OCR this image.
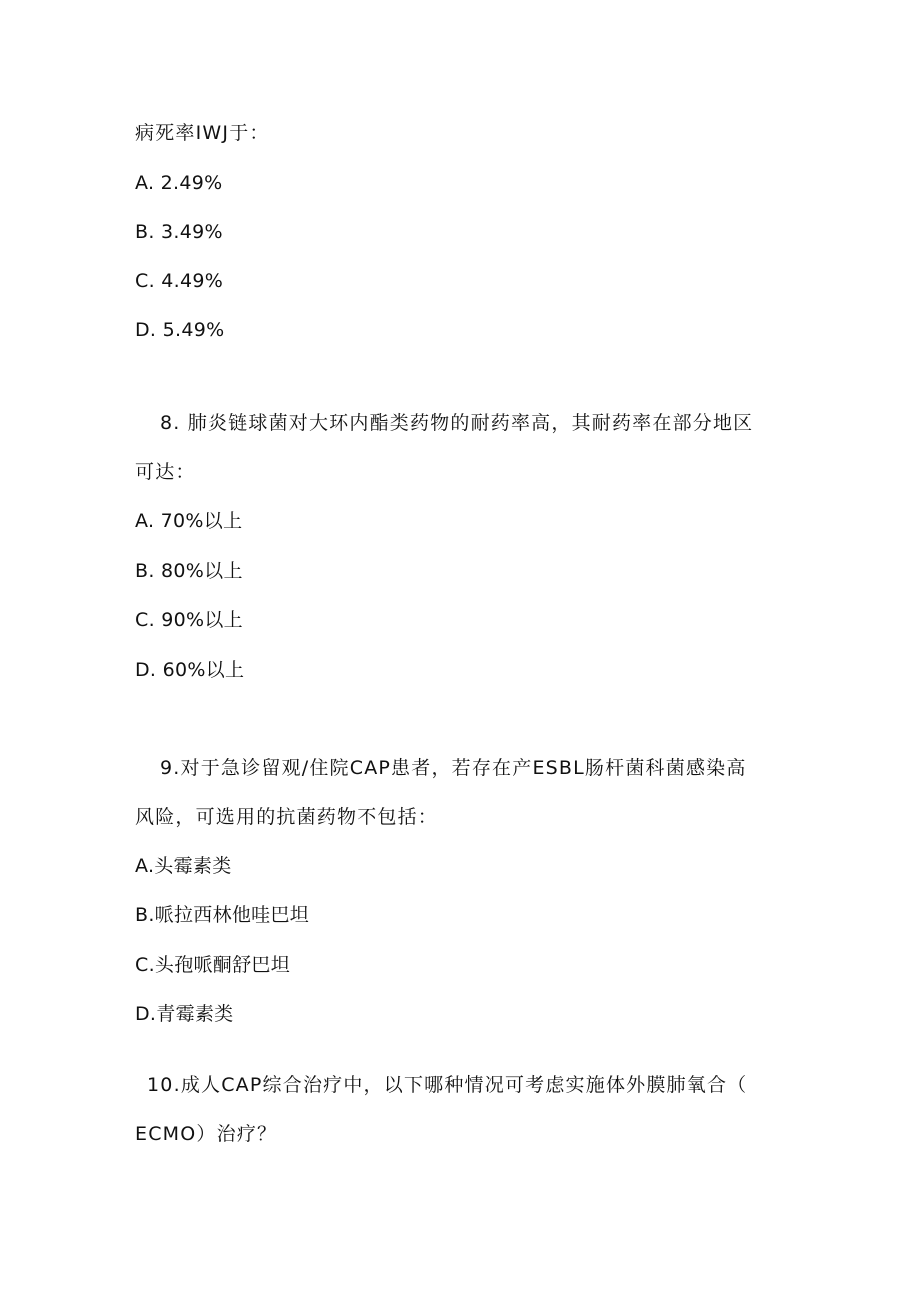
病死率IWJ于：
A. 2.49%
B. 3.49%
C. 4.49%
D. 5.49%
8. 肺炎链球菌对大环内酯类药物的耐药率高，其耐药率在部分地区
可达：
A. 70%以上
B. 80%以上
C. 90%以上
D. 60%以上
9.对于急诊留观/住院CAP患者，若存在产ESBL肠杆菌科菌感染高
风险，可选用的抗菌药物不包括：
A.头霉素类
B.哌拉西林他哇巴坦
C.头孢哌酮舒巴坦
D.青霉素类
10.成人CAP综合治疗中，以下哪种情况可考虑实施体外膜肺氧合（
ECMO）治疗？
